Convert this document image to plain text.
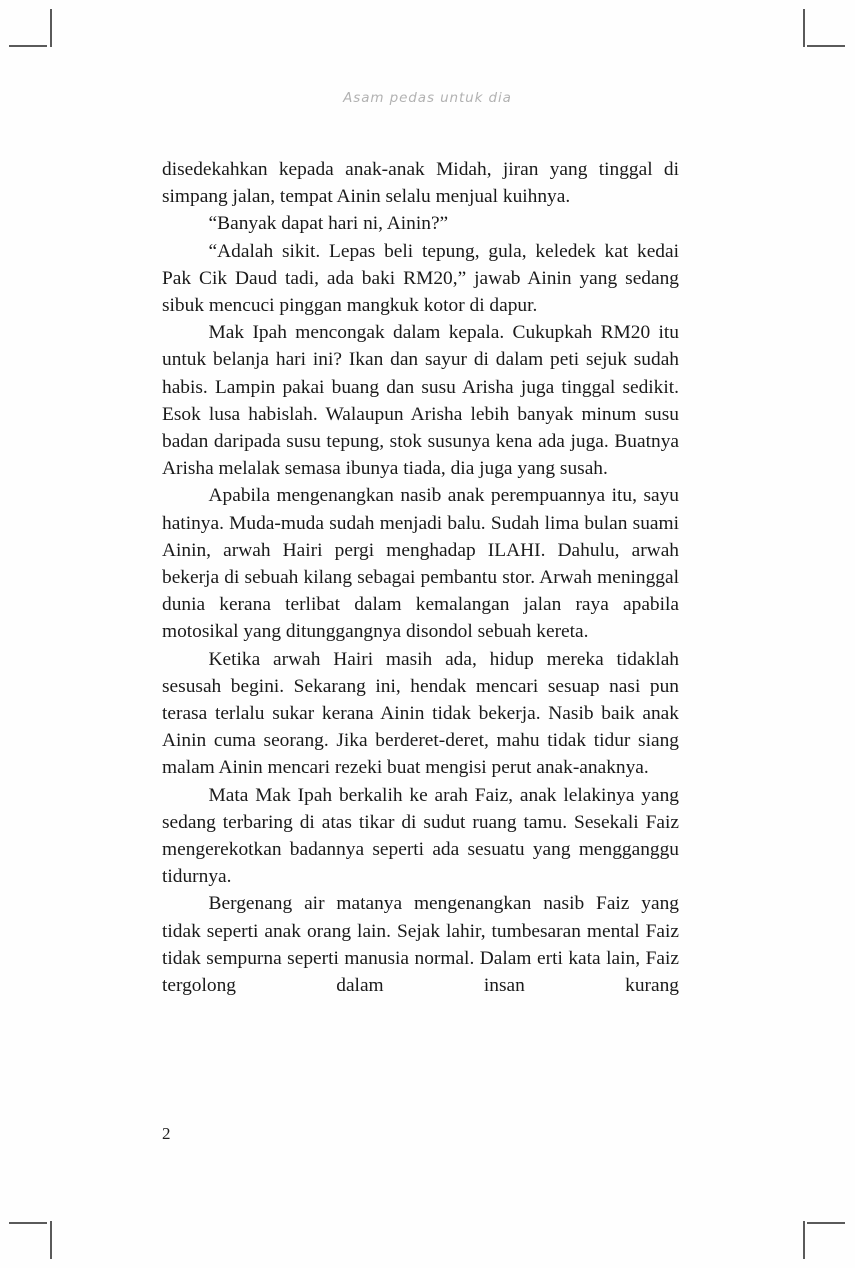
Asam pedas untuk dia

disedekahkan kepada anak-anak Midah, jiran yang tinggal di simpang jalan, tempat Ainin selalu menjual kuihnya.

“Banyak dapat hari ni, Ainin?”

“Adalah sikit. Lepas beli tepung, gula, keledek kat kedai Pak Cik Daud tadi, ada baki RM20,” jawab Ainin yang sedang sibuk mencuci pinggan mangkuk kotor di dapur.

Mak Ipah mencongak dalam kepala. Cukupkah RM20 itu untuk belanja hari ini? Ikan dan sayur di dalam peti sejuk sudah habis. Lampin pakai buang dan susu Arisha juga tinggal sedikit. Esok lusa habislah. Walaupun Arisha lebih banyak minum susu badan daripada susu tepung, stok susunya kena ada juga. Buatnya Arisha melalak semasa ibunya tiada, dia juga yang susah.

Apabila mengenangkan nasib anak perempuannya itu, sayu hatinya. Muda-muda sudah menjadi balu. Sudah lima bulan suami Ainin, arwah Hairi pergi menghadap ILAHI. Dahulu, arwah bekerja di sebuah kilang sebagai pembantu stor. Arwah meninggal dunia kerana terlibat dalam kemalangan jalan raya apabila motosikal yang ditunggangnya disondol sebuah kereta.

Ketika arwah Hairi masih ada, hidup mereka tidaklah sesusah begini. Sekarang ini, hendak mencari sesuap nasi pun terasa terlalu sukar kerana Ainin tidak bekerja. Nasib baik anak Ainin cuma seorang. Jika berderet-deret, mahu tidak tidur siang malam Ainin mencari rezeki buat mengisi perut anak-anaknya.

Mata Mak Ipah berkalih ke arah Faiz, anak lelakinya yang sedang terbaring di atas tikar di sudut ruang tamu. Sesekali Faiz mengerekotkan badannya seperti ada sesuatu yang mengganggu tidurnya.

Bergenang air matanya mengenangkan nasib Faiz yang tidak seperti anak orang lain. Sejak lahir, tumbesaran mental Faiz tidak sempurna seperti manusia normal. Dalam erti kata lain, Faiz tergolong dalam insan kurang

2
